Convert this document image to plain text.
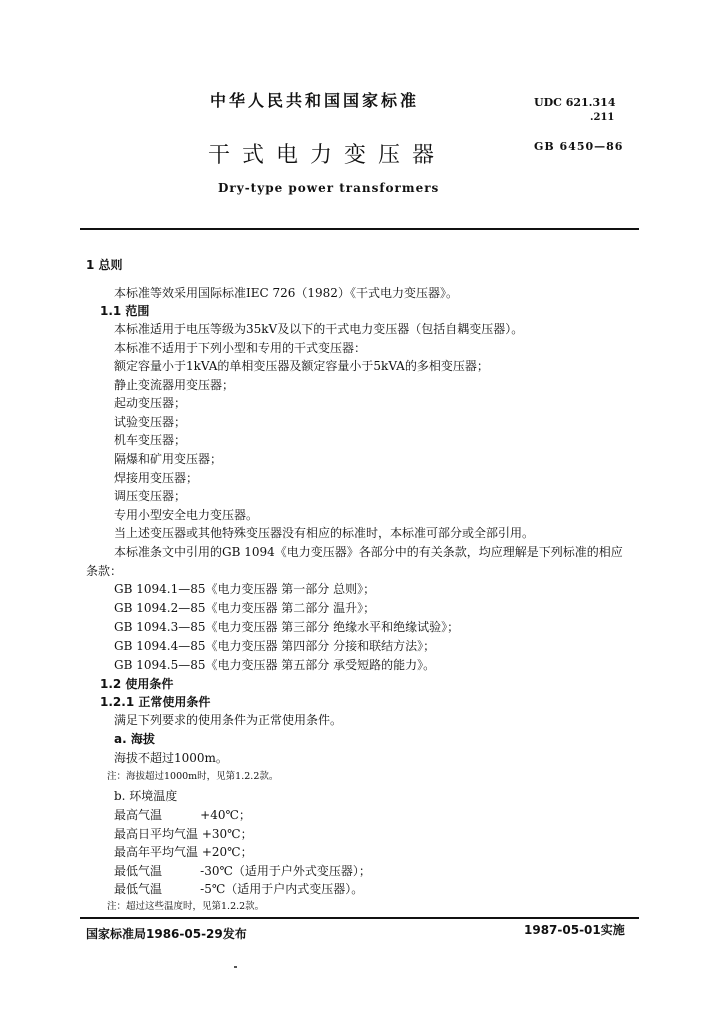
中华人民共和国国家标准	UDC 621.314
.211
干式电力变压器	GB 6450—86
Dry-type power transformers
1 总则
本标准等效采用国际标准IEC 726（1982）《干式电力变压器》。
1.1 范围
本标准适用于电压等级为35kV及以下的干式电力变压器（包括自耦变压器）。
本标准不适用于下列小型和专用的干式变压器：
额定容量小于1kVA的单相变压器及额定容量小于5kVA的多相变压器；
静止变流器用变压器；
起动变压器；
试验变压器；
机车变压器；
隔爆和矿用变压器；
焊接用变压器；
调压变压器；
专用小型安全电力变压器。
当上述变压器或其他特殊变压器没有相应的标准时，本标准可部分或全部引用。
本标准条文中引用的GB 1094《电力变压器》各部分中的有关条款，均应理解是下列标准的相应
条款：
GB 1094.1—85《电力变压器 第一部分 总则》；
GB 1094.2—85《电力变压器 第二部分 温升》；
GB 1094.3—85《电力变压器 第三部分 绝缘水平和绝缘试验》；
GB 1094.4—85《电力变压器 第四部分 分接和联结方法》；
GB 1094.5—85《电力变压器 第五部分 承受短路的能力》。
1.2 使用条件
1.2.1 正常使用条件
满足下列要求的使用条件为正常使用条件。
a. 海拔
海拔不超过1000m。
注：海拔超过1000m时，见第1.2.2款。
b. 环境温度
最高气温          +40℃；
最高日平均气温 +30℃；
最高年平均气温 +20℃；
最低气温          -30℃（适用于户外式变压器）；
最低气温          -5℃（适用于户内式变压器）。
注：超过这些温度时，见第1.2.2款。
国家标准局1986-05-29发布	1987-05-01实施
